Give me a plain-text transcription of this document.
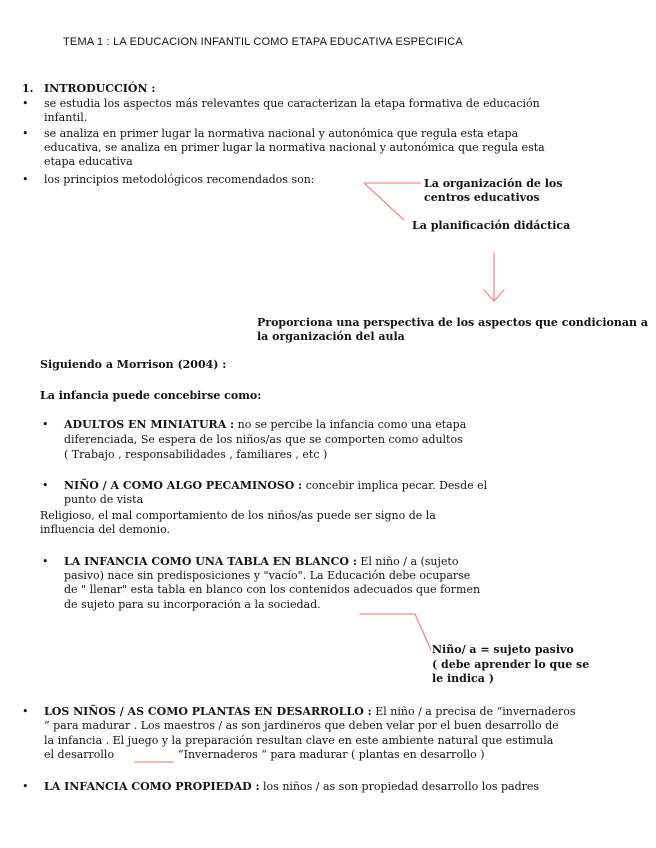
TEMA 1 : LA EDUCACION INFANTIL COMO ETAPA EDUCATIVA ESPECIFICA
1. INTRODUCCIÓN :
• se estudia los aspectos más relevantes que caracterizan la etapa formativa de educación
infantil.
• se analiza en primer lugar la normativa nacional y autonómica que regula esta etapa
educativa, se analiza en primer lugar la normativa nacional y autonómica que regula esta
etapa educativa
• los principios metodológicos recomendados son:	La organización de los
centros educativos
La planificación didáctica
Proporciona una perspectiva de los aspectos que condicionan a
la organización del aula
Siguiendo a Morrison (2004) :
La infancia puede concebirse como:
• ADULTOS EN MINIATURA : no se percibe la infancia como una etapa
diferenciada, Se espera de los niños/as que se comporten como adultos
( Trabajo , responsabilidades , familiares , etc )
• NIÑO / A COMO ALGO PECAMINOSO : concebir implica pecar. Desde el
punto de vista
Religioso, el mal comportamiento de los niños/as puede ser signo de la
influencia del demonio.
• LA INFANCIA COMO UNA TABLA EN BLANCO : El niño / a (sujeto
pasivo) nace sin predisposiciones y "vacío". La Educación debe ocuparse
de " llenar" esta tabla en blanco con los contenidos adecuados que formen
de sujeto para su incorporación a la sociedad.
Niño/ a = sujeto pasivo
( debe aprender lo que se
le indica )
• LOS NIÑOS / AS COMO PLANTAS EN DESARROLLO : El niño / a precisa de “invernaderos
“ para madurar . Los maestros / as son jardineros que deben velar por el buen desarrollo de
la infancia . El juego y la preparación resultan clave en este ambiente natural que estimula
el desarrollo	“Invernaderos “ para madurar ( plantas en desarrollo )
• LA INFANCIA COMO PROPIEDAD : los niños / as son propiedad desarrollo los padres
